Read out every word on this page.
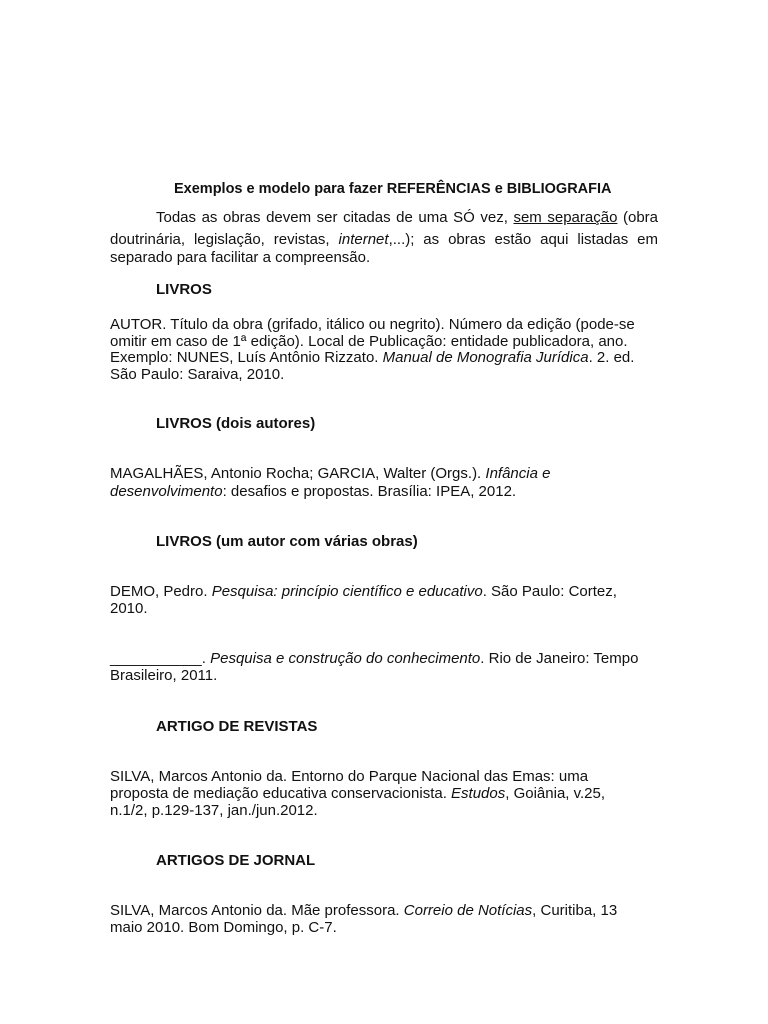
Exemplos e modelo para fazer REFERÊNCIAS e BIBLIOGRAFIA
Todas as obras devem ser citadas de uma SÓ vez, sem separação (obra
doutrinária, legislação, revistas, internet,...); as obras estão aqui listadas em
separado para facilitar a compreensão.
LIVROS
AUTOR. Título da obra (grifado, itálico ou negrito). Número da edição (pode-se
omitir em caso de 1ª edição). Local de Publicação: entidade publicadora, ano.
Exemplo: NUNES, Luís Antônio Rizzato. Manual de Monografia Jurídica. 2. ed.
São Paulo: Saraiva, 2010.
LIVROS (dois autores)
MAGALHÃES, Antonio Rocha; GARCIA, Walter (Orgs.). Infância e
desenvolvimento: desafios e propostas. Brasília: IPEA, 2012.
LIVROS (um autor com várias obras)
DEMO, Pedro. Pesquisa: princípio científico e educativo. São Paulo: Cortez,
2010.
___________. Pesquisa e construção do conhecimento. Rio de Janeiro: Tempo
Brasileiro, 2011.
ARTIGO DE REVISTAS
SILVA, Marcos Antonio da. Entorno do Parque Nacional das Emas: uma
proposta de mediação educativa conservacionista. Estudos, Goiânia, v.25,
n.1/2, p.129-137, jan./jun.2012.
ARTIGOS DE JORNAL
SILVA, Marcos Antonio da. Mãe professora. Correio de Notícias, Curitiba, 13
maio 2010. Bom Domingo, p. C-7.
